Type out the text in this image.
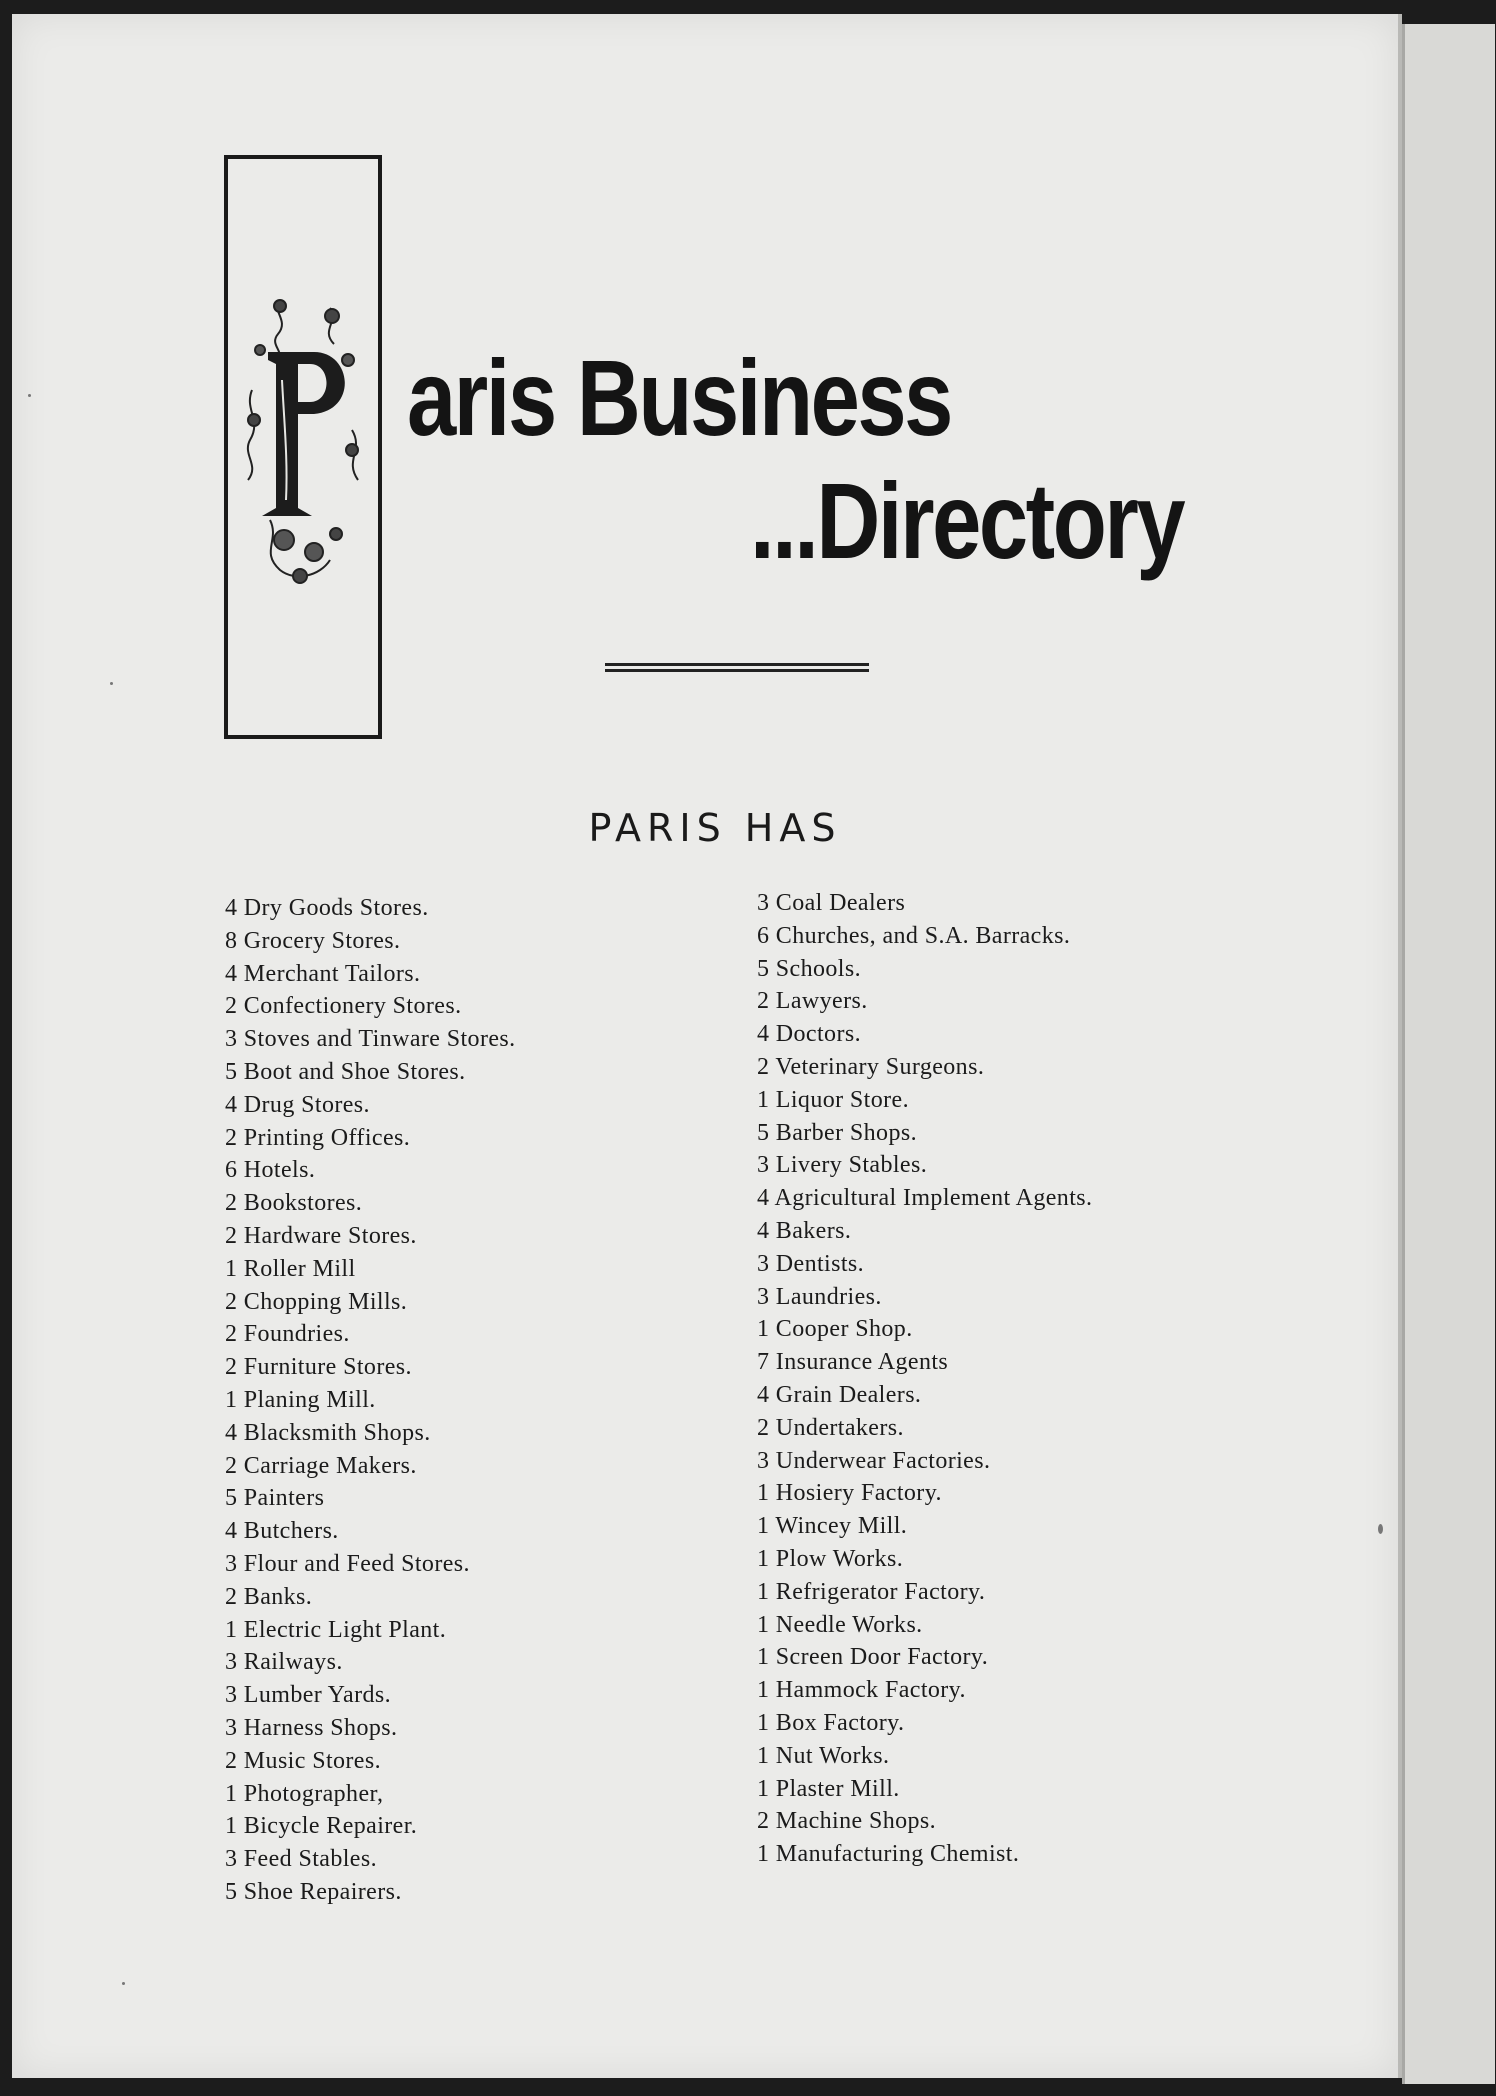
aris Business
...Directory
PARIS HAS
4 Dry Goods Stores.
8 Grocery Stores.
4 Merchant Tailors.
2 Confectionery Stores.
3 Stoves and Tinware Stores.
5 Boot and Shoe Stores.
4 Drug Stores.
2 Printing Offices.
6 Hotels.
2 Bookstores.
2 Hardware Stores.
1 Roller Mill
2 Chopping Mills.
2 Foundries.
2 Furniture Stores.
1 Planing Mill.
4 Blacksmith Shops.
2 Carriage Makers.
5 Painters
4 Butchers.
3 Flour and Feed Stores.
2 Banks.
1 Electric Light Plant.
3 Railways.
3 Lumber Yards.
3 Harness Shops.
2 Music Stores.
1 Photographer,
1 Bicycle Repairer.
3 Feed Stables.
5 Shoe Repairers.
3 Coal Dealers
6 Churches, and S.A. Barracks.
5 Schools.
2 Lawyers.
4 Doctors.
2 Veterinary Surgeons.
1 Liquor Store.
5 Barber Shops.
3 Livery Stables.
4 Agricultural Implement Agents.
4 Bakers.
3 Dentists.
3 Laundries.
1 Cooper Shop.
7 Insurance Agents
4 Grain Dealers.
2 Undertakers.
3 Underwear Factories.
1 Hosiery Factory.
1 Wincey Mill.
1 Plow Works.
1 Refrigerator Factory.
1 Needle Works.
1 Screen Door Factory.
1 Hammock Factory.
1 Box Factory.
1 Nut Works.
1 Plaster Mill.
2 Machine Shops.
1 Manufacturing Chemist.
